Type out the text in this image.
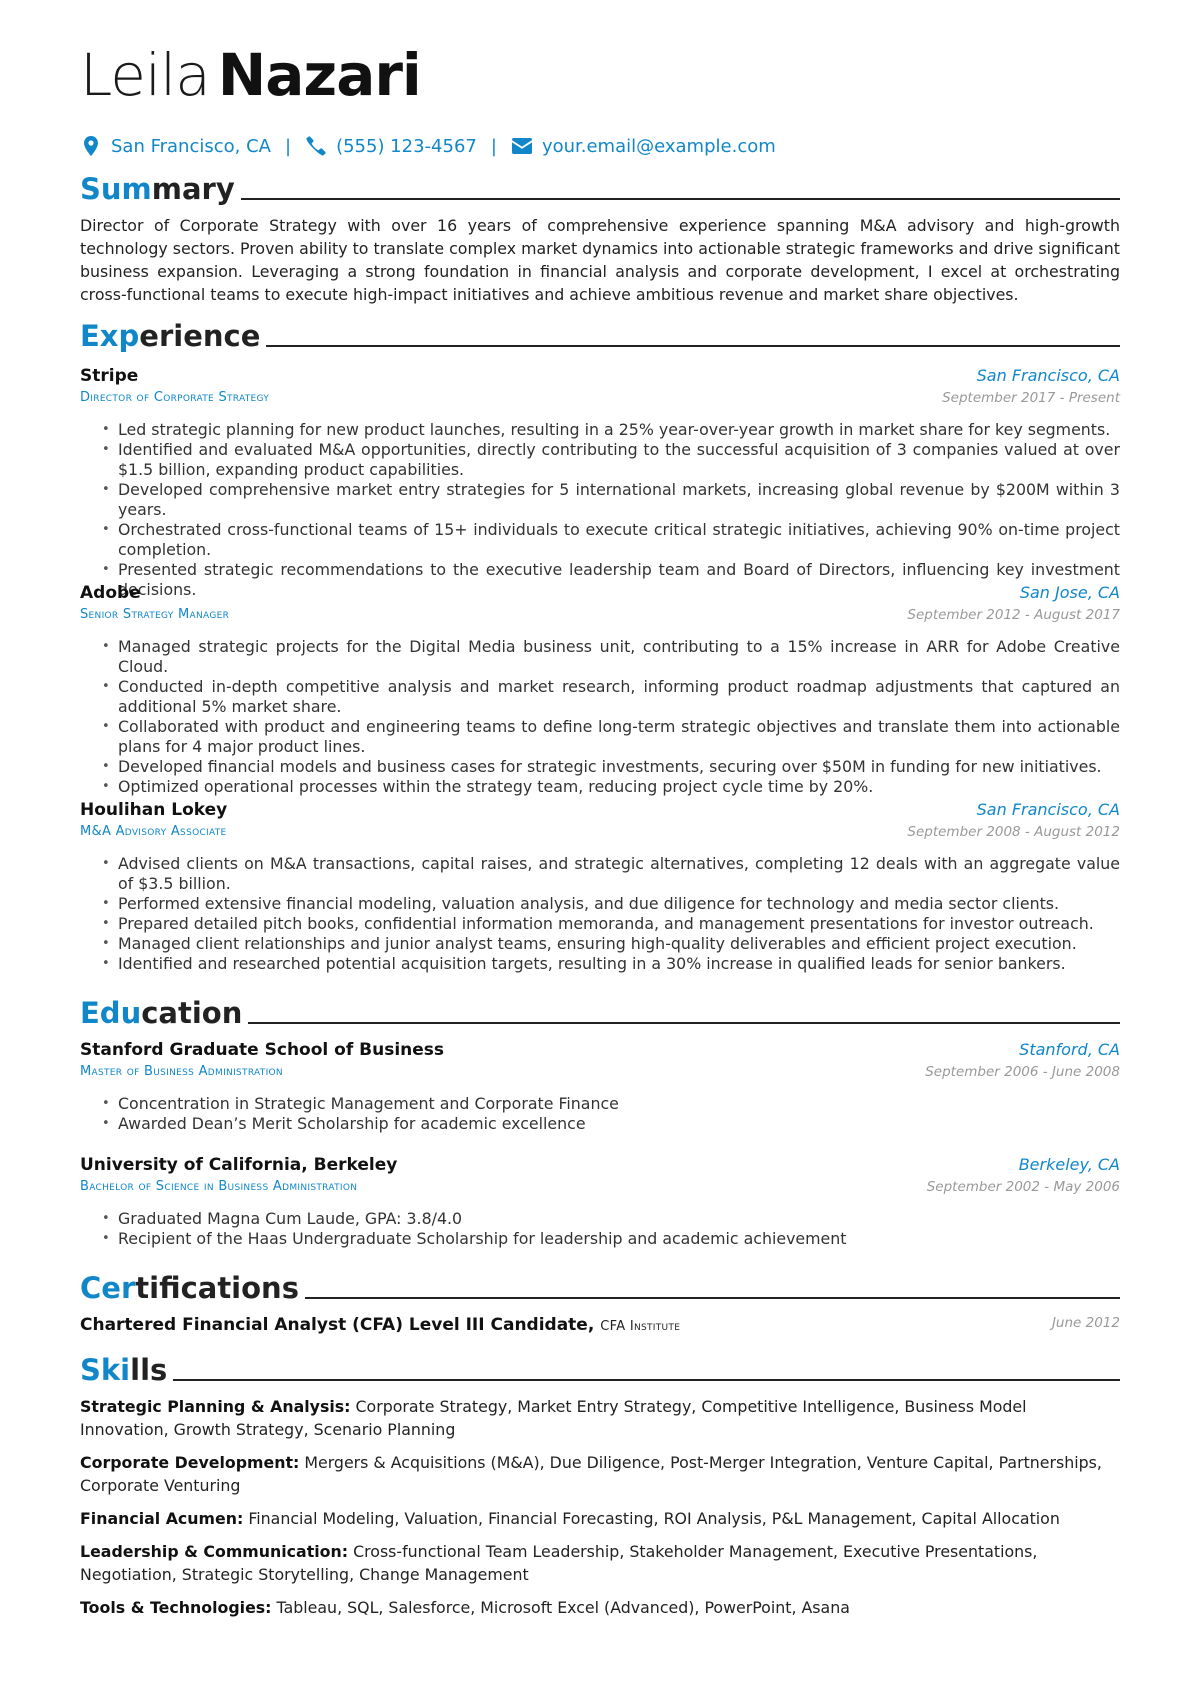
Leila Nazari
San Francisco, CA |	(555) 123-4567 |	your.email@example.com
Summary
Director of Corporate Strategy with over 16 years of comprehensive experience spanning M&A advisory and high-growth technology sectors. Proven ability to translate complex market dynamics into actionable strategic frameworks and drive significant business expansion. Leveraging a strong foundation in financial analysis and corporate development, I excel at orchestrating cross-functional teams to execute high-impact initiatives and achieve ambitious revenue and market share objectives.
Experience
Stripe	San Francisco, CA
Director of Corporate Strategy	September 2017 - Present
• Led strategic planning for new product launches, resulting in a 25% year-over-year growth in market share for key segments.
• Identified and evaluated M&A opportunities, directly contributing to the successful acquisition of 3 companies valued at over $1.5 billion, expanding product capabilities.
• Developed comprehensive market entry strategies for 5 international markets, increasing global revenue by $200M within 3 years.
• Orchestrated cross-functional teams of 15+ individuals to execute critical strategic initiatives, achieving 90% on-time project completion.
• Presented strategic recommendations to the executive leadership team and Board of Directors, influencing key investment decisions.
Adobe	San Jose, CA
Senior Strategy Manager	September 2012 - August 2017
• Managed strategic projects for the Digital Media business unit, contributing to a 15% increase in ARR for Adobe Creative Cloud.
• Conducted in-depth competitive analysis and market research, informing product roadmap adjustments that captured an additional 5% market share.
• Collaborated with product and engineering teams to define long-term strategic objectives and translate them into actionable plans for 4 major product lines.
• Developed financial models and business cases for strategic investments, securing over $50M in funding for new initiatives.
• Optimized operational processes within the strategy team, reducing project cycle time by 20%.
Houlihan Lokey	San Francisco, CA
M&A Advisory Associate	September 2008 - August 2012
• Advised clients on M&A transactions, capital raises, and strategic alternatives, completing 12 deals with an aggregate value of $3.5 billion.
• Performed extensive financial modeling, valuation analysis, and due diligence for technology and media sector clients.
• Prepared detailed pitch books, confidential information memoranda, and management presentations for investor outreach.
• Managed client relationships and junior analyst teams, ensuring high-quality deliverables and efficient project execution.
• Identified and researched potential acquisition targets, resulting in a 30% increase in qualified leads for senior bankers.
Education
Stanford Graduate School of Business	Stanford, CA
Master of Business Administration	September 2006 - June 2008
• Concentration in Strategic Management and Corporate Finance
• Awarded Dean’s Merit Scholarship for academic excellence
University of California, Berkeley	Berkeley, CA
Bachelor of Science in Business Administration	September 2002 - May 2006
• Graduated Magna Cum Laude, GPA: 3.8/4.0
• Recipient of the Haas Undergraduate Scholarship for leadership and academic achievement
Certifications
Chartered Financial Analyst (CFA) Level III Candidate, CFA Institute	June 2012
Skills
Strategic Planning & Analysis: Corporate Strategy, Market Entry Strategy, Competitive Intelligence, Business Model Innovation, Growth Strategy, Scenario Planning
Corporate Development: Mergers & Acquisitions (M&A), Due Diligence, Post-Merger Integration, Venture Capital, Partnerships, Corporate Venturing
Financial Acumen: Financial Modeling, Valuation, Financial Forecasting, ROI Analysis, P&L Management, Capital Allocation
Leadership & Communication: Cross-functional Team Leadership, Stakeholder Management, Executive Presentations, Negotiation, Strategic Storytelling, Change Management
Tools & Technologies: Tableau, SQL, Salesforce, Microsoft Excel (Advanced), PowerPoint, Asana
